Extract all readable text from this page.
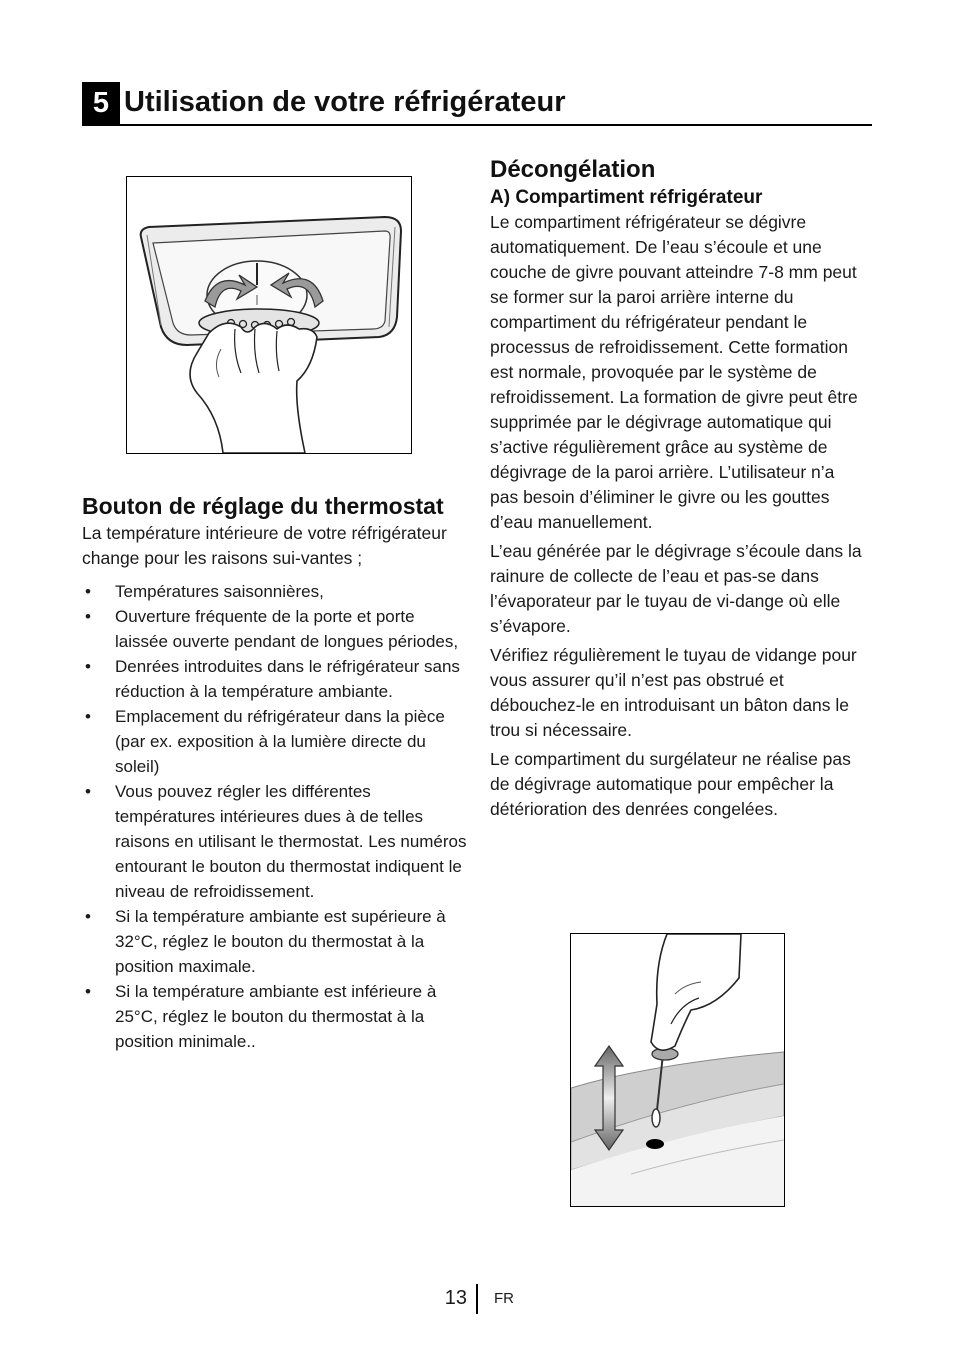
5 Utilisation de votre réfrigérateur
Bouton de réglage du thermostat

La température intérieure de votre réfrigérateur change pour les raisons sui-vantes ;

• Températures saisonnières,
• Ouverture fréquente de la porte et porte laissée ouverte pendant de longues périodes,
• Denrées introduites dans le réfrigérateur sans réduction à la température ambiante.
• Emplacement du réfrigérateur dans la pièce (par ex. exposition à la lumière directe du soleil)
• Vous pouvez régler les différentes températures intérieures dues à de telles raisons en utilisant le thermostat. Les numéros entourant le bouton du thermostat indiquent le niveau de refroidissement.
• Si la température ambiante est supérieure à 32°C, réglez le bouton du thermostat à la position maximale.
• Si la température ambiante est inférieure à 25°C, réglez le bouton du thermostat à la position minimale..
Décongélation
A) Compartiment réfrigérateur

Le compartiment réfrigérateur se dégivre automatiquement. De l’eau s’écoule et une couche de givre pouvant atteindre 7-8 mm peut se former sur la paroi arrière interne du compartiment du réfrigérateur pendant le processus de refroidissement. Cette formation est normale, provoquée par le système de refroidissement. La formation de givre peut être supprimée par le dégivrage automatique qui s’active régulièrement grâce au système de dégivrage de la paroi arrière. L’utilisateur n’a pas besoin d’éliminer le givre ou les gouttes d’eau manuellement.

L’eau générée par le dégivrage s’écoule dans la rainure de collecte de l’eau et pas-se dans l’évaporateur par le tuyau de vi-dange où elle s’évapore.

Vérifiez régulièrement le tuyau de vidange pour vous assurer qu’il n’est pas obstrué et débouchez-le en introduisant un bâton dans le trou si nécessaire.

Le compartiment du surgélateur ne réalise pas de dégivrage automatique pour empêcher la détérioration des denrées congelées.

13 FR
